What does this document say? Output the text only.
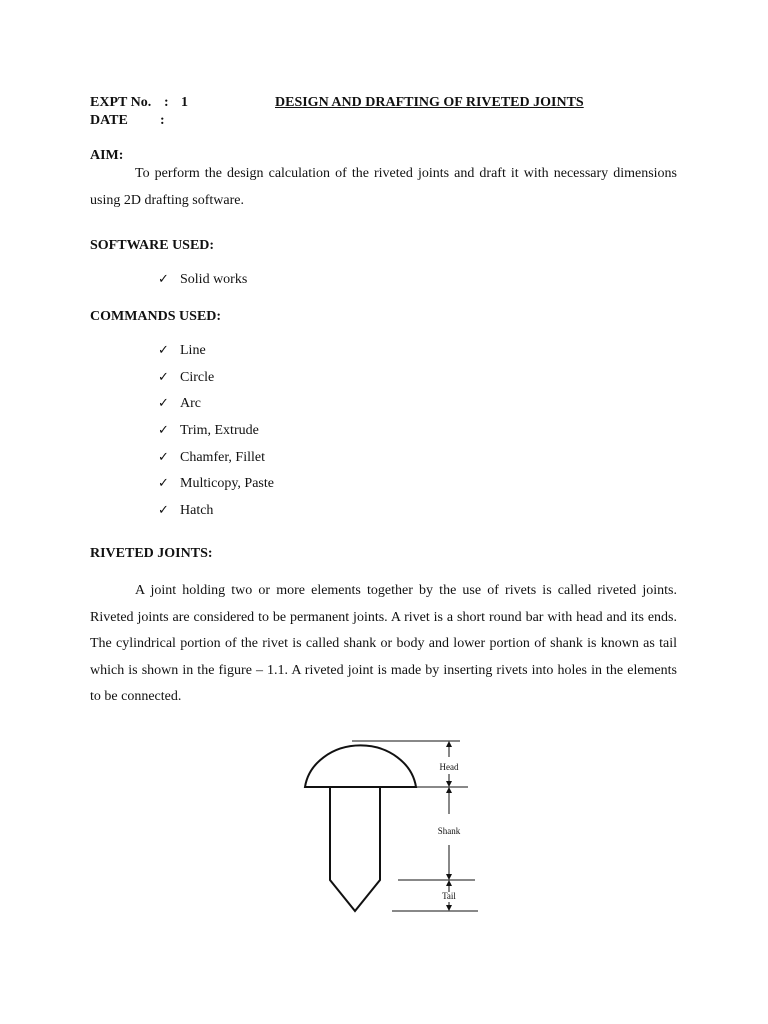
EXPT No. : 1	DESIGN AND DRAFTING OF RIVETED JOINTS
DATE :
AIM:
To perform the design calculation of the riveted joints and draft it with necessary dimensions using 2D drafting software.
SOFTWARE USED:
✓ Solid works
COMMANDS USED:
✓ Line
✓ Circle
✓ Arc
✓ Trim, Extrude
✓ Chamfer, Fillet
✓ Multicopy, Paste
✓ Hatch
RIVETED JOINTS:
A joint holding two or more elements together by the use of rivets is called riveted joints. Riveted joints are considered to be permanent joints. A rivet is a short round bar with head and its ends. The cylindrical portion of the rivet is called shank or body and lower portion of shank is known as tail which is shown in the figure – 1.1. A riveted joint is made by inserting rivets into holes in the elements to be connected.
Head
Shank
Tail
